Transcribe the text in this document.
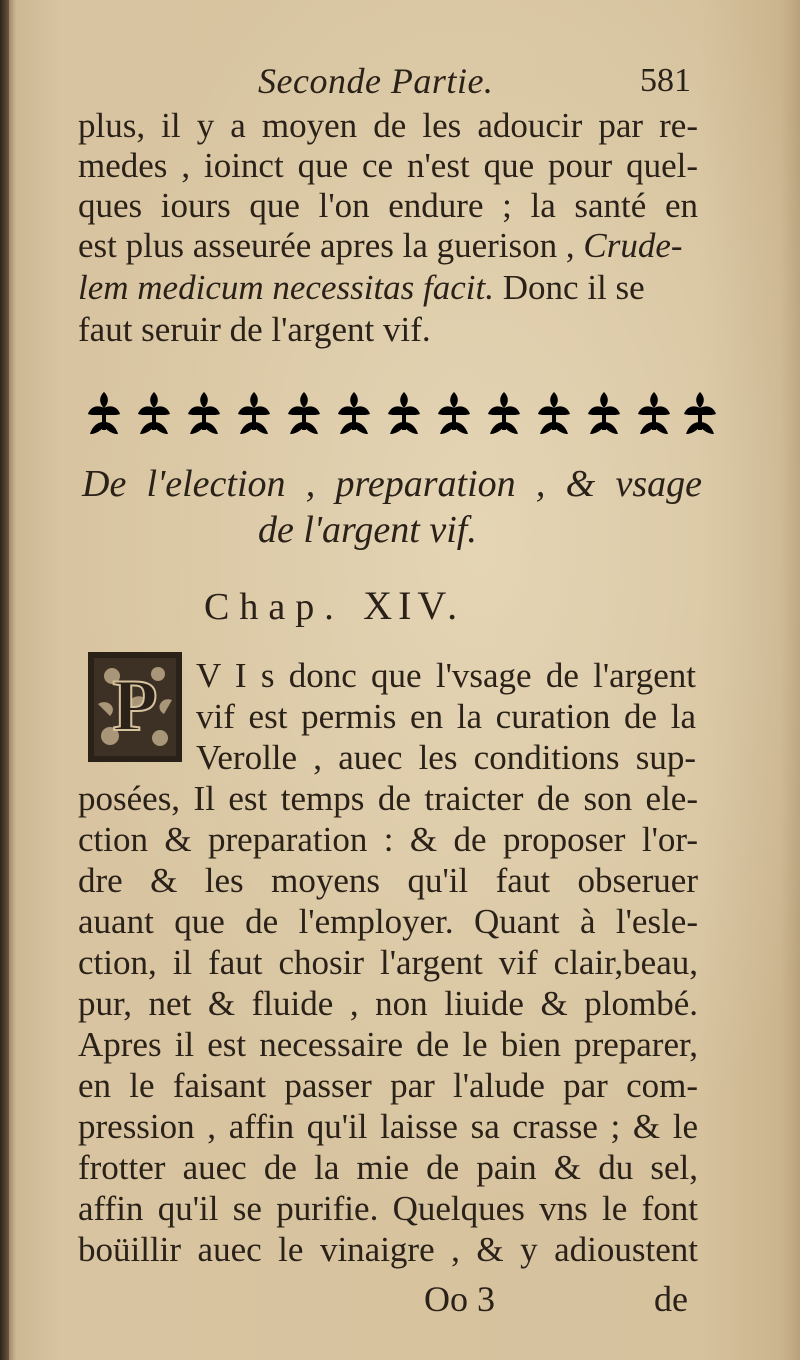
Seconde Partie.	581
plus, il y a moyen de les adoucir par re-
medes , ioinct que ce n'est que pour quel-
ques iours que l'on endure ; la santé en
est plus asseurée apres la guerison , Crude-
lem medicum necessitas facit. Donc il se
faut seruir de l'argent vif.
De l'election , preparation , & vsage
de l'argent vif.
Chap. XIV.
P V I s donc que l'vsage de l'argent
vif est permis en la curation de la
Verolle , auec les conditions sup-
posées, Il est temps de traicter de son ele-
ction & preparation : & de proposer l'or-
dre & les moyens qu'il faut obseruer
auant que de l'employer. Quant à l'esle-
ction, il faut chosir l'argent vif clair,beau,
pur, net & fluide , non liuide & plombé.
Apres il est necessaire de le bien preparer,
en le faisant passer par l'alude par com-
pression , affin qu'il laisse sa crasse ; & le
frotter auec de la mie de pain & du sel,
affin qu'il se purifie. Quelques vns le font
boüillir auec le vinaigre , & y adioustent
Oo 3	de
